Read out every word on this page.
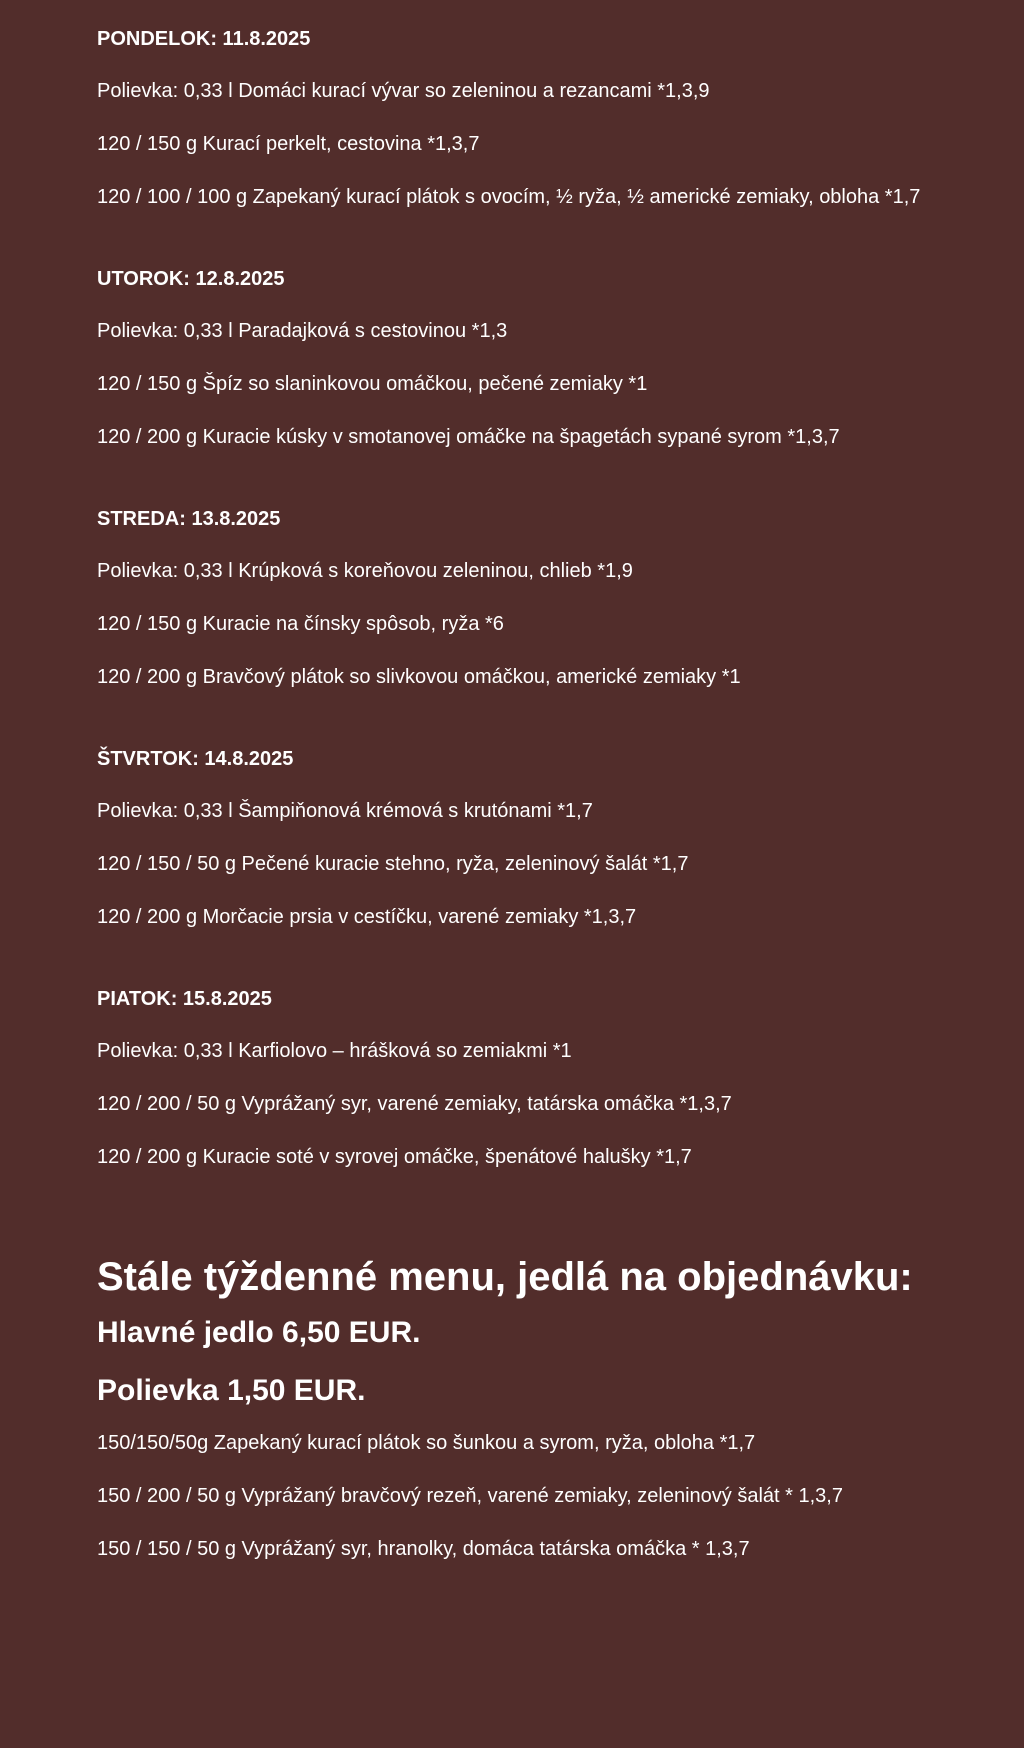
PONDELOK: 11.8.2025
Polievka: 0,33 l Domáci kurací vývar so zeleninou a rezancami *1,3,9
120 / 150 g Kurací perkelt, cestovina *1,3,7
120 / 100 / 100 g Zapekaný kurací plátok s ovocím, ½ ryža, ½ americké zemiaky, obloha *1,7
UTOROK: 12.8.2025
Polievka: 0,33 l Paradajková s cestovinou *1,3
120 / 150 g Špíz so slaninkovou omáčkou, pečené zemiaky *1
120 / 200 g Kuracie kúsky v smotanovej omáčke na špagetách sypané syrom *1,3,7
STREDA: 13.8.2025
Polievka: 0,33 l Krúpková s koreňovou zeleninou, chlieb *1,9
120 / 150 g Kuracie na čínsky spôsob, ryža *6
120 / 200 g Bravčový plátok so slivkovou omáčkou, americké zemiaky *1
ŠTVRTOK: 14.8.2025
Polievka: 0,33 l Šampiňonová krémová s krutónami *1,7
120 / 150 / 50 g Pečené kuracie stehno, ryža, zeleninový šalát *1,7
120 / 200 g Morčacie prsia v cestíčku, varené zemiaky *1,3,7
PIATOK: 15.8.2025
Polievka: 0,33 l Karfiolovo – hrášková so zemiakmi *1
120 / 200 / 50 g Vyprážaný syr, varené zemiaky, tatárska omáčka *1,3,7
120 / 200 g Kuracie soté v syrovej omáčke, špenátové halušky *1,7
Stále týždenné menu, jedlá na objednávku:
Hlavné jedlo 6,50 EUR.
Polievka 1,50 EUR.
150/150/50g Zapekaný kurací plátok so šunkou a syrom, ryža, obloha *1,7
150 / 200 / 50 g Vyprážaný bravčový rezeň, varené zemiaky, zeleninový šalát * 1,3,7
150 / 150 / 50 g Vyprážaný syr, hranolky, domáca tatárska omáčka * 1,3,7
